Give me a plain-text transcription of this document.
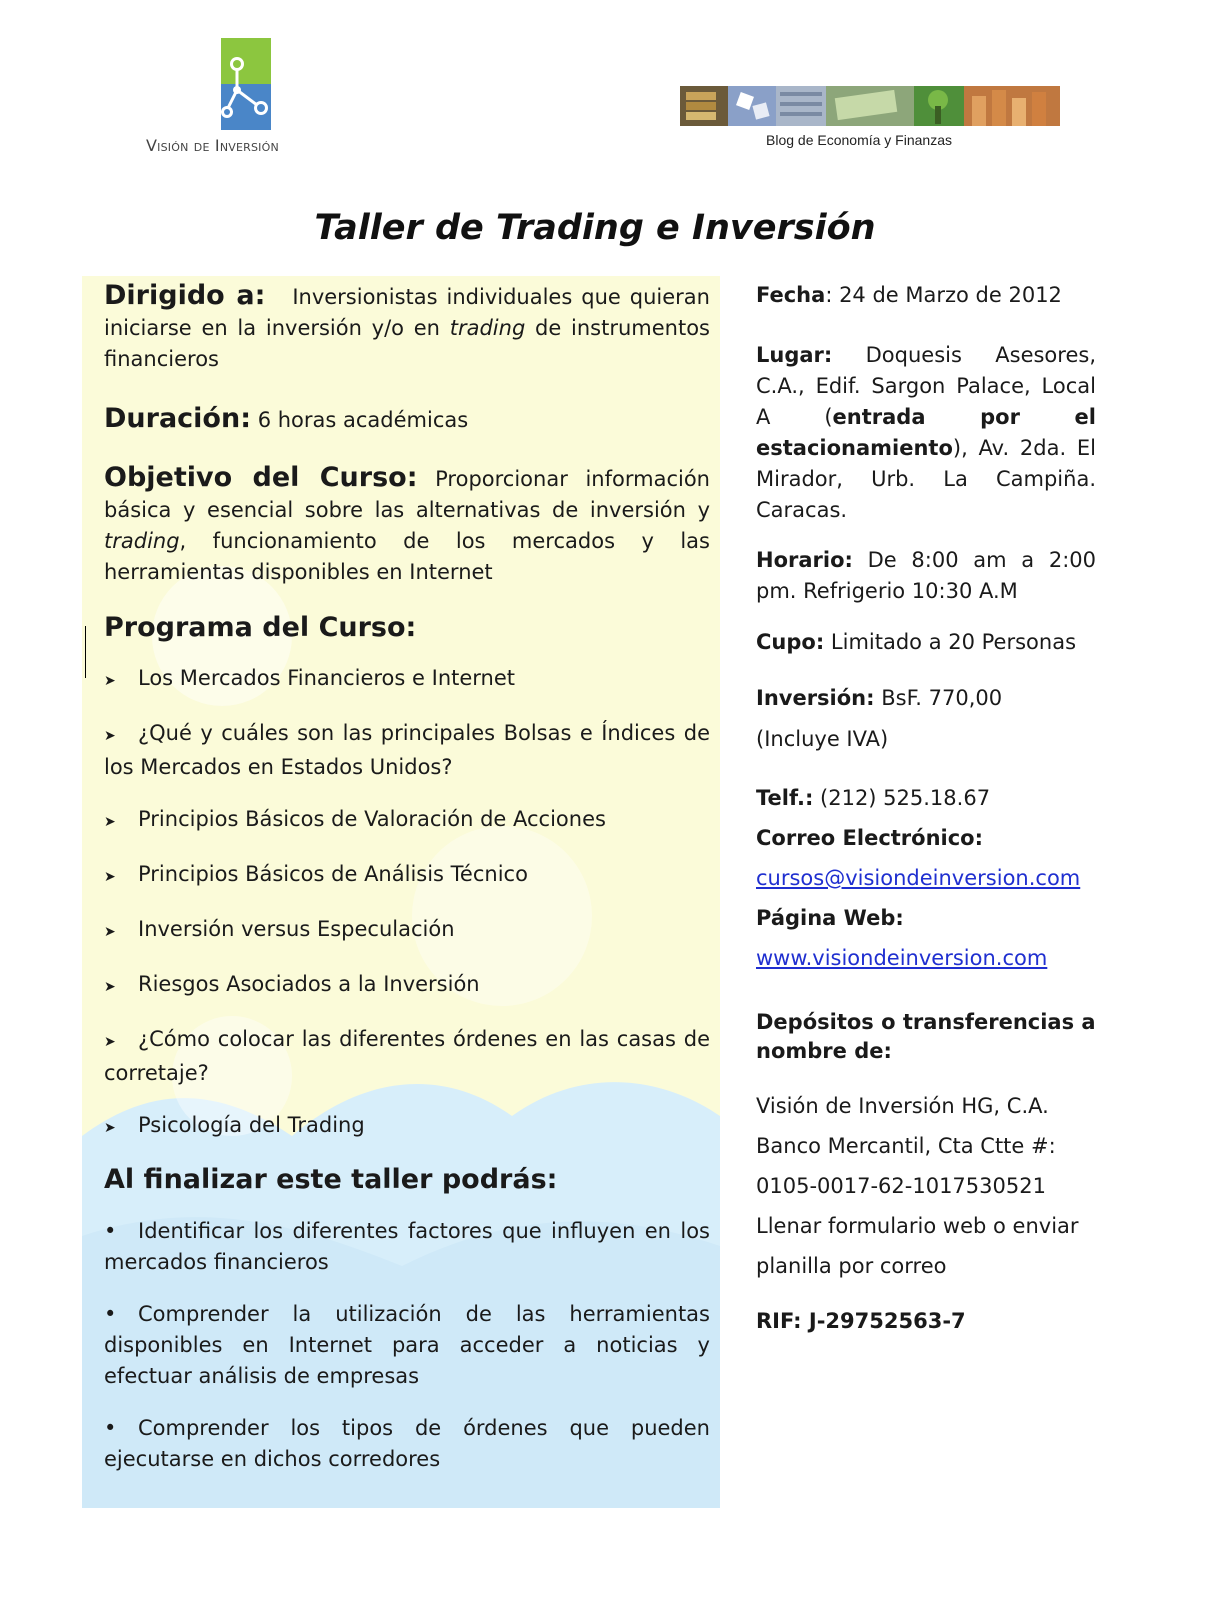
Visión de Inversión	Blog de Economía y Finanzas
Taller de Trading e Inversión

Dirigido a: Inversionistas individuales que quieran iniciarse en la inversión y/o en trading de instrumentos financieros

Duración: 6 horas académicas

Objetivo del Curso: Proporcionar información básica y esencial sobre las alternativas de inversión y trading, funcionamiento de los mercados y las herramientas disponibles en Internet

Programa del Curso:

➤ Los Mercados Financieros e Internet

➤ ¿Qué y cuáles son las principales Bolsas e Índices de los Mercados en Estados Unidos?

➤ Principios Básicos de Valoración de Acciones

➤ Principios Básicos de Análisis Técnico

➤ Inversión versus Especulación

➤ Riesgos Asociados a la Inversión

➤ ¿Cómo colocar las diferentes órdenes en las casas de corretaje?

➤ Psicología del Trading

Al finalizar este taller podrás:

• Identificar los diferentes factores que influyen en los mercados financieros

• Comprender la utilización de las herramientas disponibles en Internet para acceder a noticias y efectuar análisis de empresas

• Comprender los tipos de órdenes que pueden ejecutarse en dichos corredores

Fecha: 24 de Marzo de 2012

Lugar: Doquesis Asesores, C.A., Edif. Sargon Palace, Local A (entrada por el estacionamiento), Av. 2da. El Mirador, Urb. La Campiña. Caracas.

Horario: De 8:00 am a 2:00 pm. Refrigerio 10:30 A.M

Cupo: Limitado a 20 Personas

Inversión: BsF. 770,00
(Incluye IVA)

Telf.: (212) 525.18.67
Correo Electrónico:
cursos@visiondeinversion.com
Página Web:
www.visiondeinversion.com

Depósitos o transferencias a nombre de:

Visión de Inversión HG, C.A.
Banco Mercantil, Cta Ctte #:
0105-0017-62-1017530521
Llenar formulario web o enviar
planilla por correo

RIF: J-29752563-7
